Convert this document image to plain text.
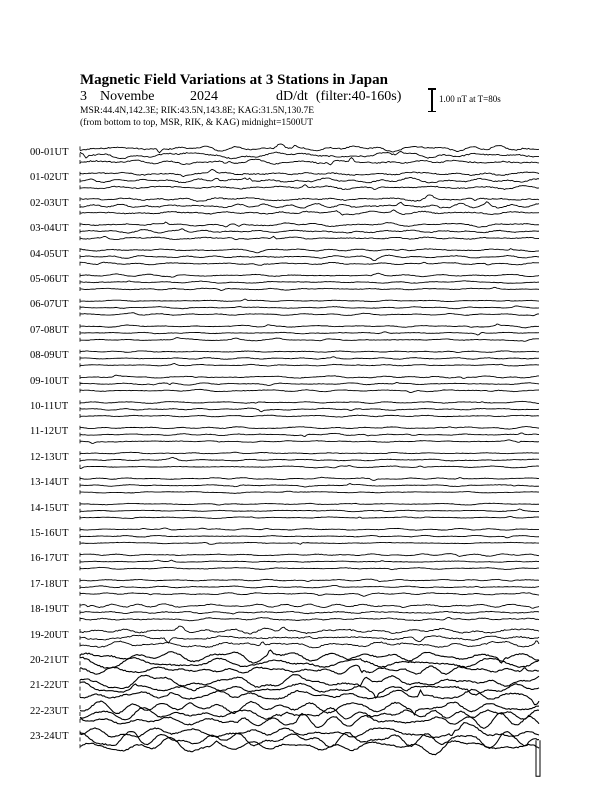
Magnetic Field Variations at 3 Stations in Japan
3 Novembe	2024	dD/dt (filter:40-160s)
MSR:44.4N,142.3E; RIK:43.5N,143.8E; KAG:31.5N,130.7E
(from bottom to top, MSR, RIK, & KAG) midnight=1500UT
1.00 nT at T=80s
00-01UT
01-02UT
02-03UT
03-04UT
04-05UT
05-06UT
06-07UT
07-08UT
08-09UT
09-10UT
10-11UT
11-12UT
12-13UT
13-14UT
14-15UT
15-16UT
16-17UT
17-18UT
18-19UT
19-20UT
20-21UT
21-22UT
22-23UT
23-24UT
